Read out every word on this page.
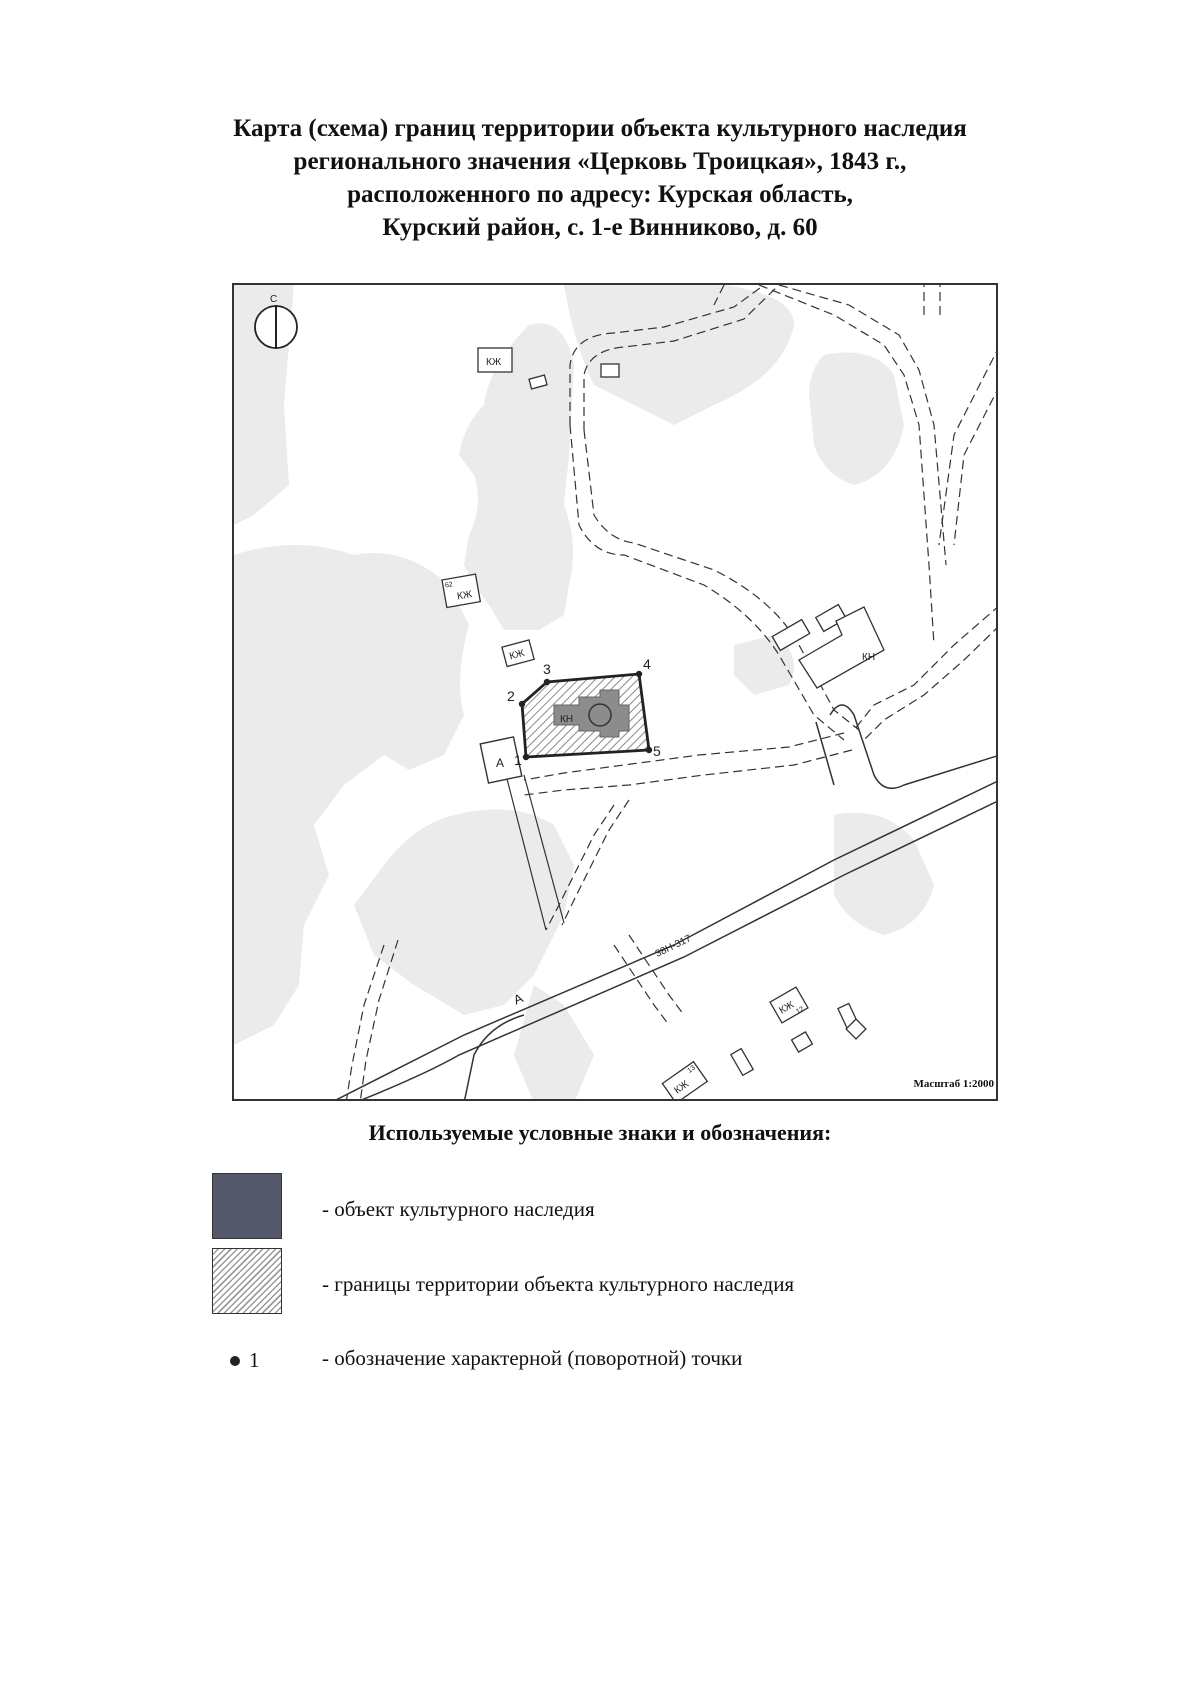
Карта (схема) границ территории объекта культурного наследия
регионального значения «Церковь Троицкая», 1843 г.,
расположенного по адресу: Курская область,
Курский район, с. 1-е Винниково, д. 60
А
КН
1
2
3	4
5
КЖ
62
КЖ
КЖ	КН
КЖ 12
КЖ
13
А
38Н-317
С
Масштаб 1:2000
Используемые условные знаки и обозначения:
- объект культурного наследия
- границы территории объекта культурного наследия
1	- обозначение характерной (поворотной) точки
